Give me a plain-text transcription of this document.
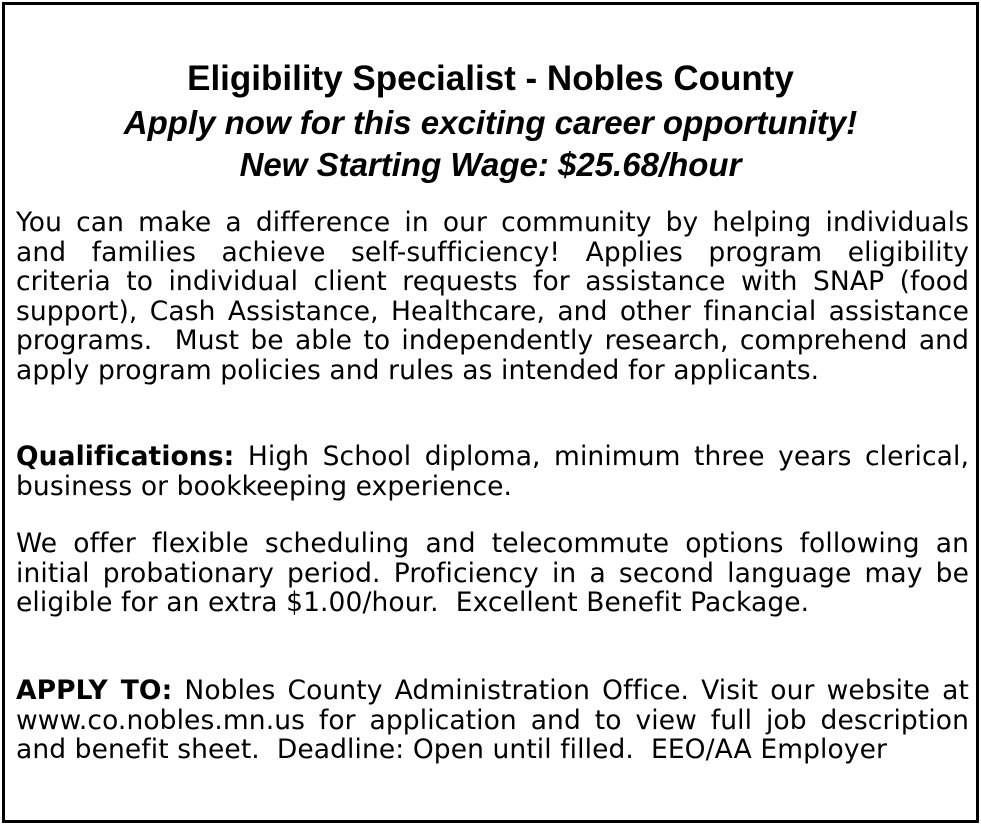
Eligibility Specialist - Nobles County
Apply now for this exciting career opportunity!
New Starting Wage: $25.68/hour

You can make a difference in our community by helping individuals and families achieve self-sufficiency! Applies program eligibility criteria to individual client requests for assistance with SNAP (food support), Cash Assistance, Healthcare, and other financial assistance programs.  Must be able to independently research, comprehend and apply program policies and rules as intended for applicants.

Qualifications: High School diploma, minimum three years clerical, business or bookkeeping experience.

We offer flexible scheduling and telecommute options following an initial probationary period. Proficiency in a second language may be eligible for an extra $1.00/hour.  Excellent Benefit Package.

APPLY TO: Nobles County Administration Office. Visit our website at www.co.nobles.mn.us for application and to view full job description and benefit sheet.  Deadline: Open until filled.  EEO/AA Employer
